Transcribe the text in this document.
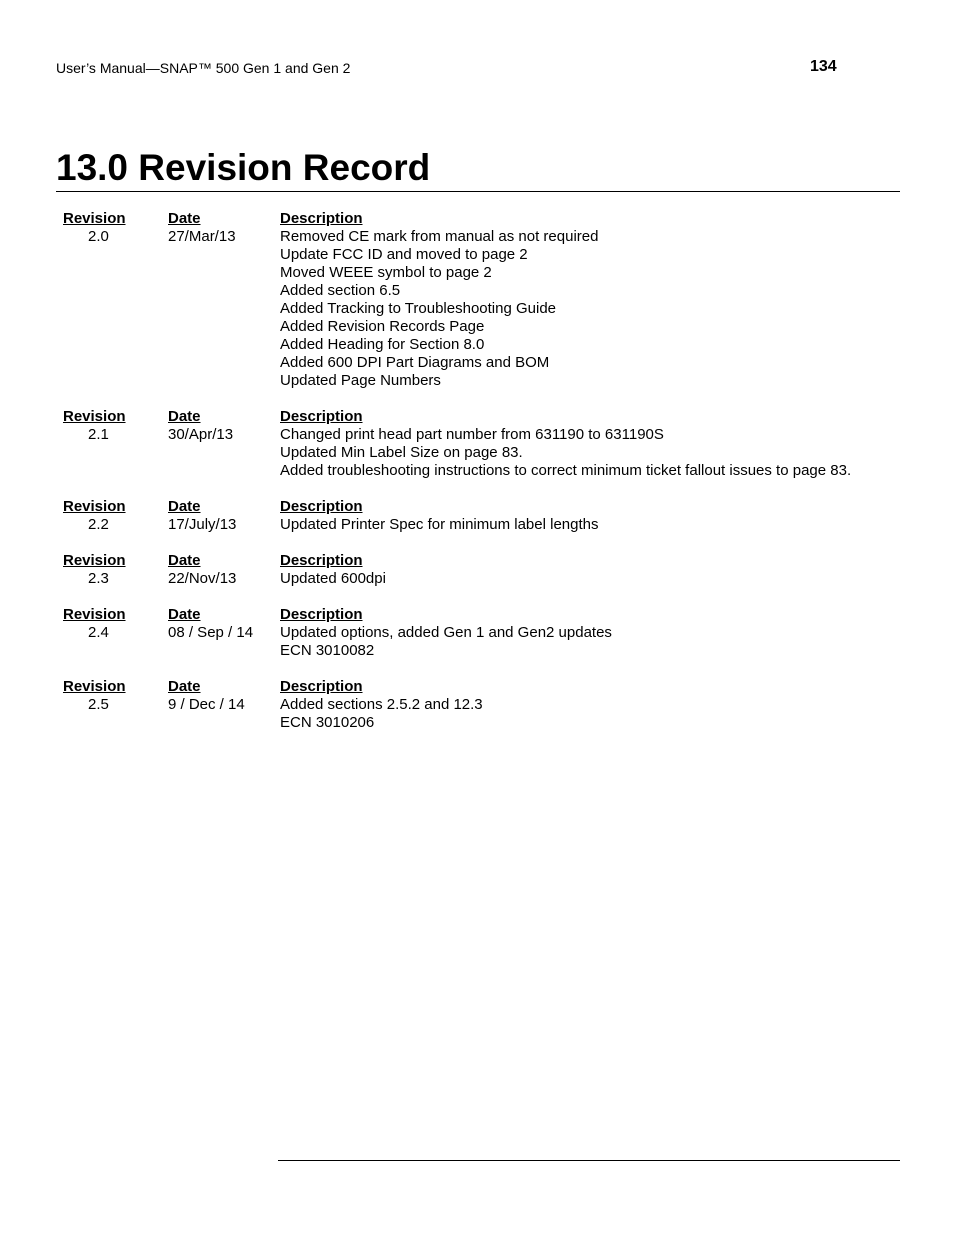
User’s Manual—SNAP™ 500 Gen 1 and Gen 2	134
13.0 Revision Record
Revision	Date	Description
2.0	27/Mar/13	Removed CE mark from manual as not required
Update FCC ID and moved to page 2
Moved WEEE symbol to page 2
Added section 6.5
Added Tracking to Troubleshooting Guide
Added Revision Records Page
Added Heading for Section 8.0
Added 600 DPI Part Diagrams and BOM
Updated Page Numbers
Revision	Date	Description
2.1	30/Apr/13	Changed print head part number from 631190 to 631190S
Updated Min Label Size on page 83.
Added troubleshooting instructions to correct minimum ticket fallout issues to page 83.
Revision	Date	Description
2.2	17/July/13	Updated Printer Spec for minimum label lengths
Revision	Date	Description
2.3	22/Nov/13	Updated 600dpi
Revision	Date	Description
2.4	08 / Sep / 14	Updated options, added Gen 1 and Gen2 updates
ECN 3010082
Revision	Date	Description
2.5	9 / Dec / 14	Added sections 2.5.2 and 12.3
ECN 3010206
